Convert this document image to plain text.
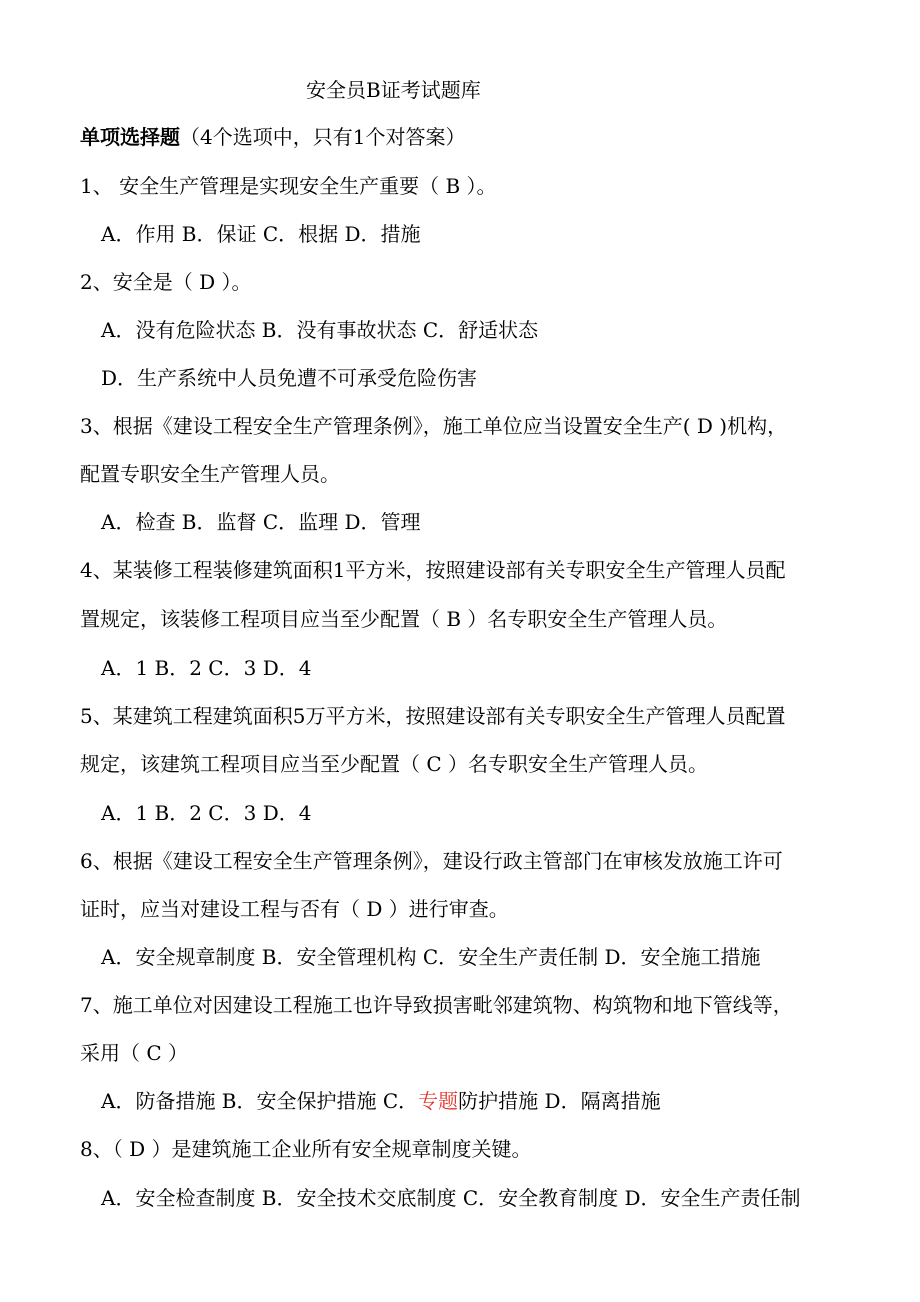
安全员B证考试题库
单项选择题（4个选项中，只有1个对答案）
1、 安全生产管理是实现安全生产重要（ B ）。
A．作用 B．保证 C．根据 D．措施
2、安全是（ D ）。
A．没有危险状态 B．没有事故状态 C．舒适状态
D．生产系统中人员免遭不可承受危险伤害
3、根据《建设工程安全生产管理条例》，施工单位应当设置安全生产( D )机构，
配置专职安全生产管理人员。
A．检查 B．监督 C．监理 D．管理
4、某装修工程装修建筑面积1平方米，按照建设部有关专职安全生产管理人员配
置规定，该装修工程项目应当至少配置（ B ）名专职安全生产管理人员。
A．1 B．2 C．3 D．4
5、某建筑工程建筑面积5万平方米，按照建设部有关专职安全生产管理人员配置
规定，该建筑工程项目应当至少配置（ C ）名专职安全生产管理人员。
A．1 B．2 C．3 D．4
6、根据《建设工程安全生产管理条例》，建设行政主管部门在审核发放施工许可
证时，应当对建设工程与否有（ D ）进行审查。
A．安全规章制度 B．安全管理机构 C．安全生产责任制 D．安全施工措施
7、施工单位对因建设工程施工也许导致损害毗邻建筑物、构筑物和地下管线等，
采用（ C ）
A．防备措施 B．安全保护措施 C．专题防护措施 D．隔离措施
8、（ D ）是建筑施工企业所有安全规章制度关键。
A．安全检查制度 B．安全技术交底制度 C．安全教育制度 D．安全生产责任制
